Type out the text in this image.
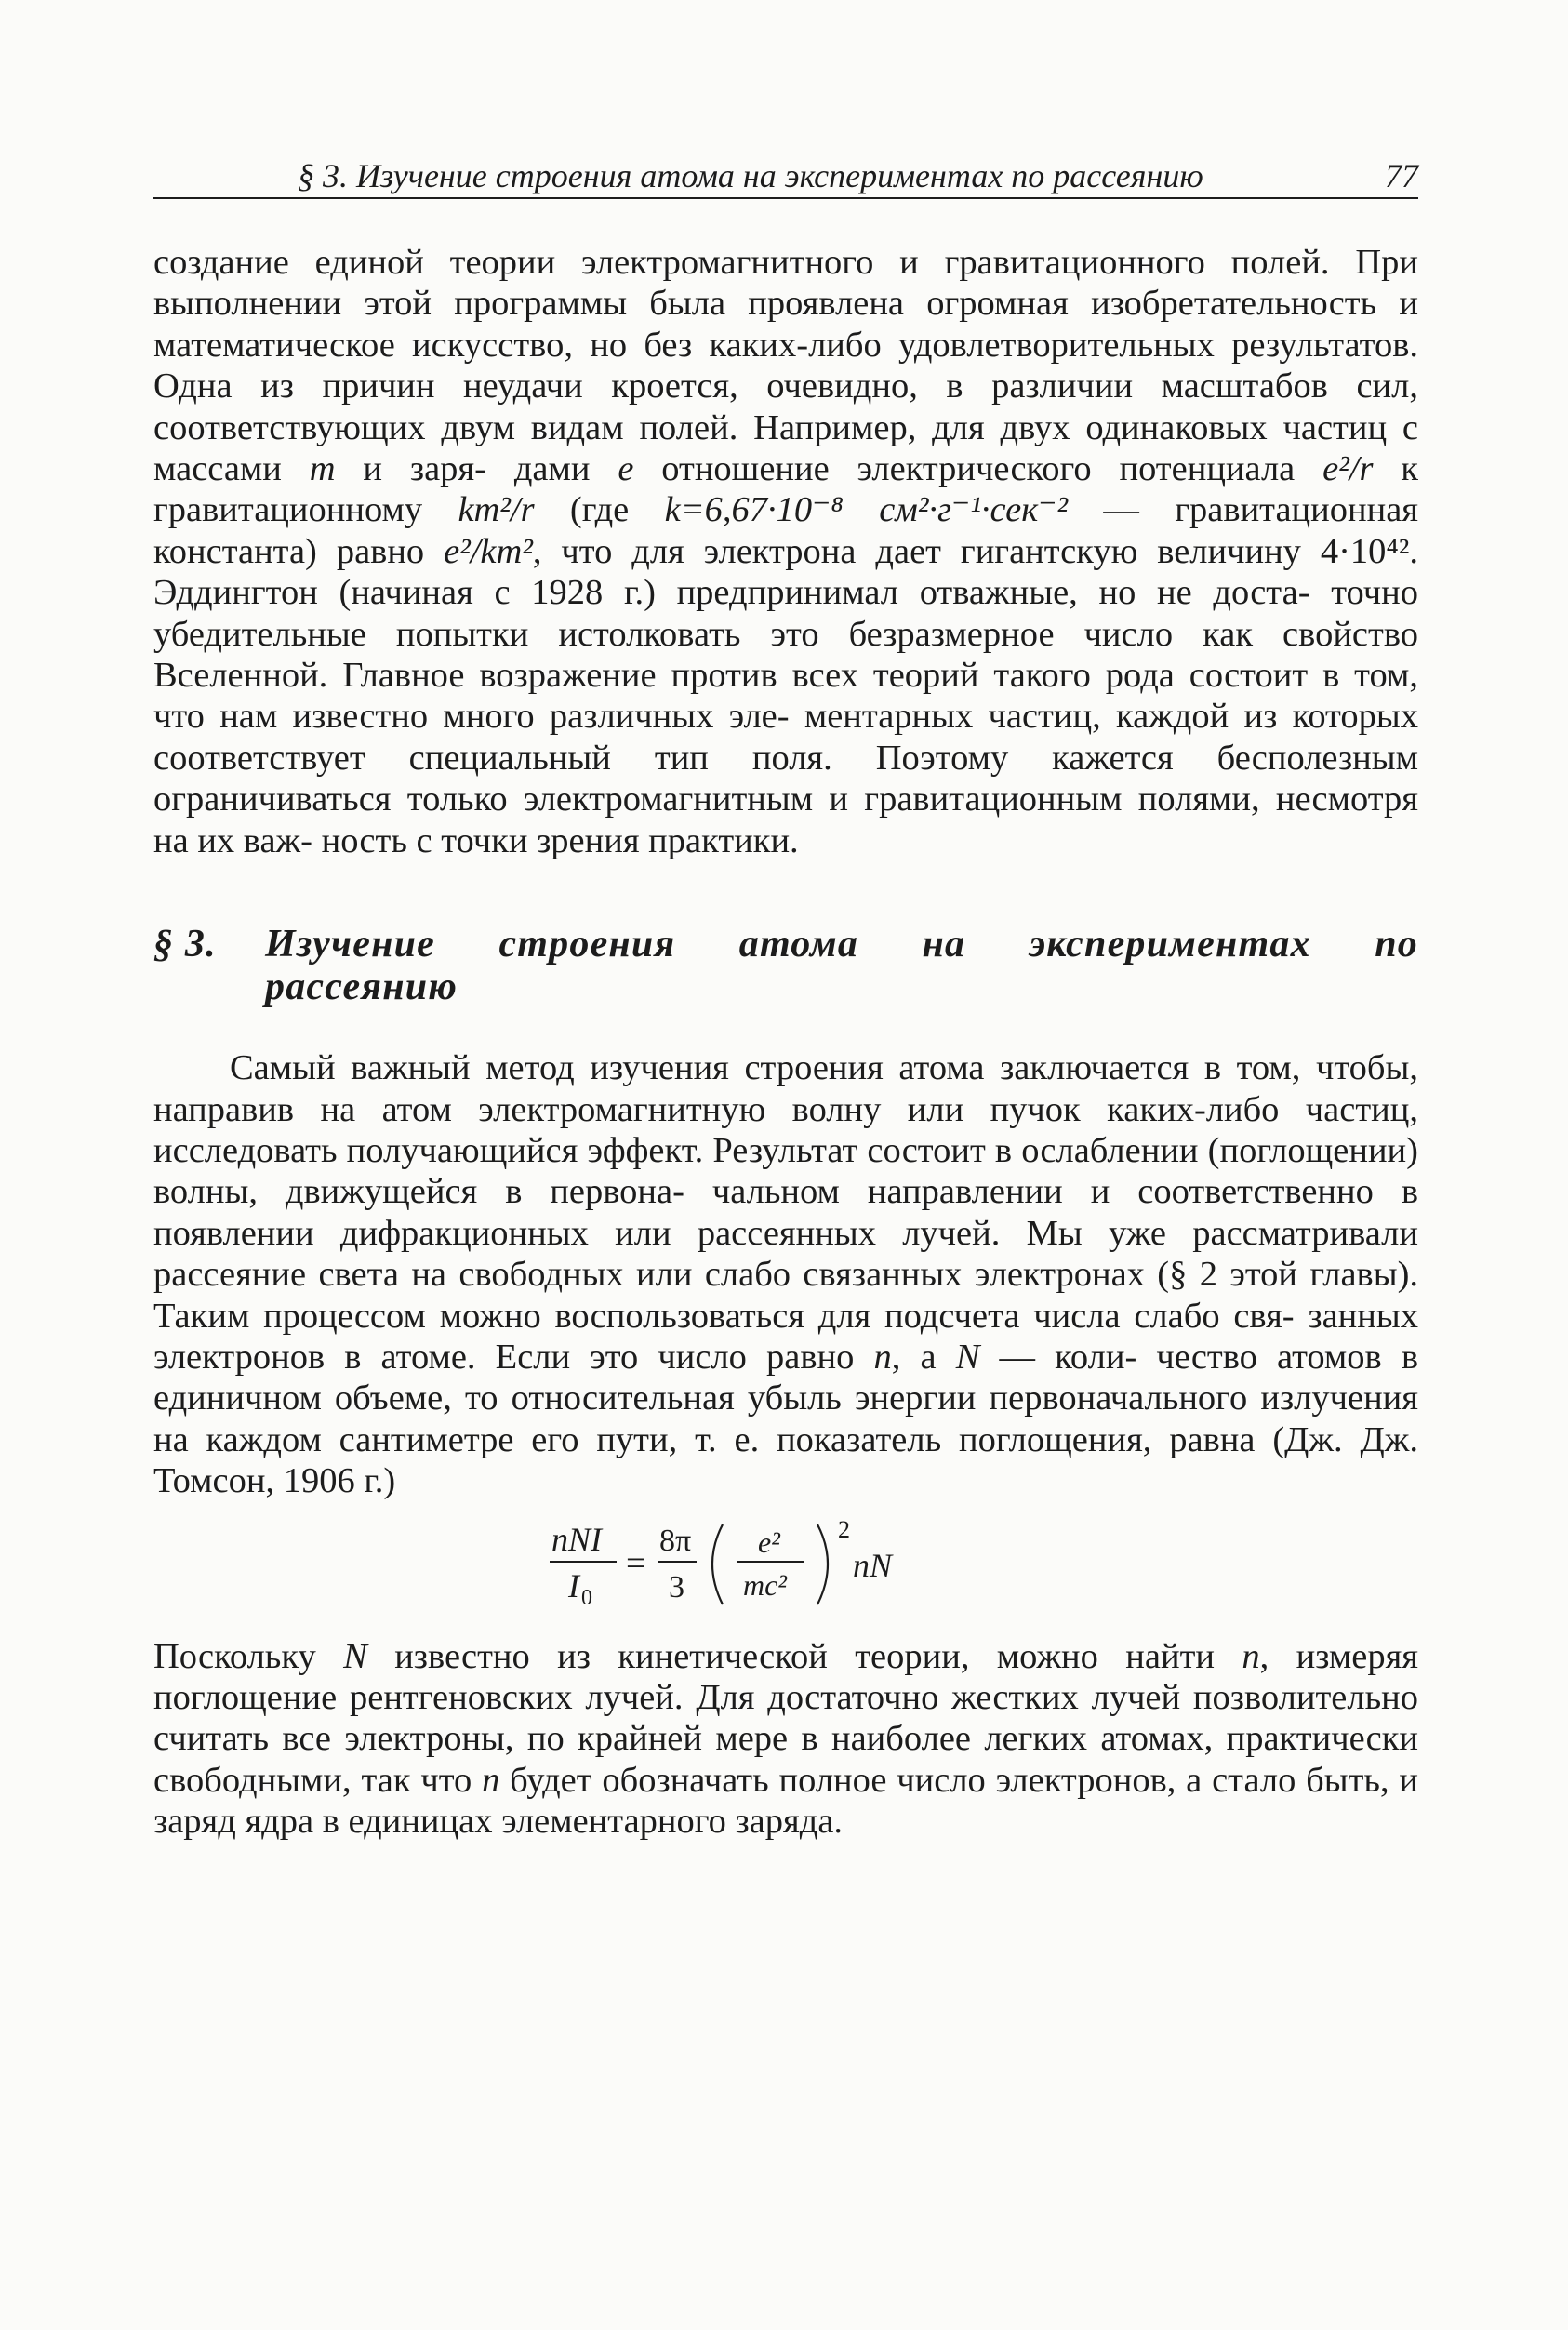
§ 3. Изучение строения атома на экспериментах по рассеянию	77

создание единой теории электромагнитного и гравитационного полей. При выполнении этой программы была проявлена огромная изобретательность и математическое искусство, но без каких-либо удовлетворительных результатов. Одна из причин неудачи кроется, очевидно, в различии масштабов сил, соответствующих двум видам полей. Например, для двух одинаковых частиц с массами m и заря- дами e отношение электрического потенциала e²/r к гравитационному km²/r (где k=6,67·10⁻⁸ см²·г⁻¹·сек⁻² — гравитационная константа) равно e²/km², что для электрона дает гигантскую величину 4·10⁴². Эддингтон (начиная с 1928 г.) предпринимал отважные, но не доста- точно убедительные попытки истолковать это безразмерное число как свойство Вселенной. Главное возражение против всех теорий такого рода состоит в том, что нам известно много различных эле- ментарных частиц, каждой из которых соответствует специальный тип поля. Поэтому кажется бесполезным ограничиваться только электромагнитным и гравитационным полями, несмотря на их важ- ность с точки зрения практики.

§ 3.	Изучение строения атома на экспериментах по
рассеянию

Самый важный метод изучения строения атома заключается в том, чтобы, направив на атом электромагнитную волну или пучок каких-либо частиц, исследовать получающийся эффект. Результат состоит в ослаблении (поглощении) волны, движущейся в первона- чальном направлении и соответственно в появлении дифракционных или рассеянных лучей. Мы уже рассматривали рассеяние света на свободных или слабо связанных электронах (§ 2 этой главы). Таким процессом можно воспользоваться для подсчета числа слабо свя- занных электронов в атоме. Если это число равно n, а N — коли- чество атомов в единичном объеме, то относительная убыль энергии первоначального излучения на каждом сантиметре его пути, т. е. показатель поглощения, равна (Дж. Дж. Томсон, 1906 г.)

nNI
I 0
=
8π
3
e²
mc²
2
nN

Поскольку N известно из кинетической теории, можно найти n, измеряя поглощение рентгеновских лучей. Для достаточно жестких лучей позволительно считать все электроны, по крайней мере в наиболее легких атомах, практически свободными, так что n будет обозначать полное число электронов, а стало быть, и заряд ядра в единицах элементарного заряда.
